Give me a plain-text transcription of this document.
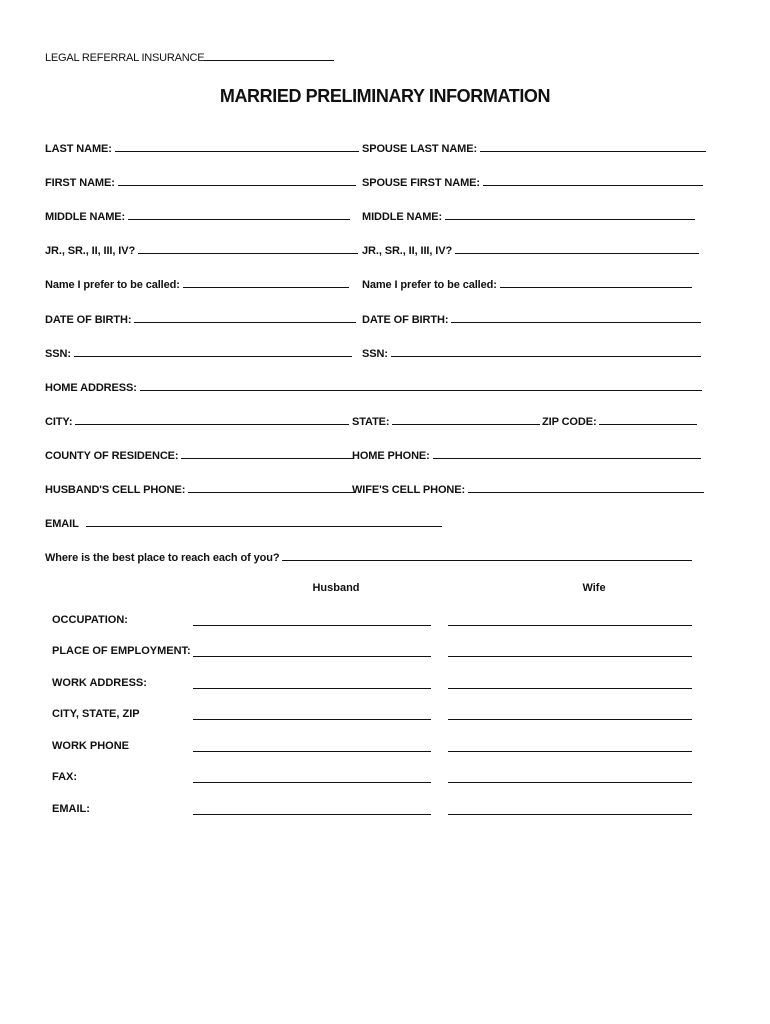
LEGAL REFERRAL INSURANCE
MARRIED PRELIMINARY INFORMATION
LAST NAME:	SPOUSE LAST NAME:
FIRST NAME:	SPOUSE FIRST NAME:
MIDDLE NAME:	MIDDLE NAME:
JR., SR., II, III, IV?	JR., SR., II, III, IV?
Name I prefer to be called:	Name I prefer to be called:
DATE OF BIRTH:	DATE OF BIRTH:
SSN:	SSN:
HOME ADDRESS:
CITY:	STATE:	ZIP CODE:
COUNTY OF RESIDENCE:	HOME PHONE:
HUSBAND'S CELL PHONE:	WIFE'S CELL PHONE:
EMAIL
Where is the best place to reach each of you?
Husband	Wife
OCCUPATION:
PLACE OF EMPLOYMENT:
WORK ADDRESS:
CITY, STATE, ZIP
WORK PHONE
FAX:
EMAIL:
